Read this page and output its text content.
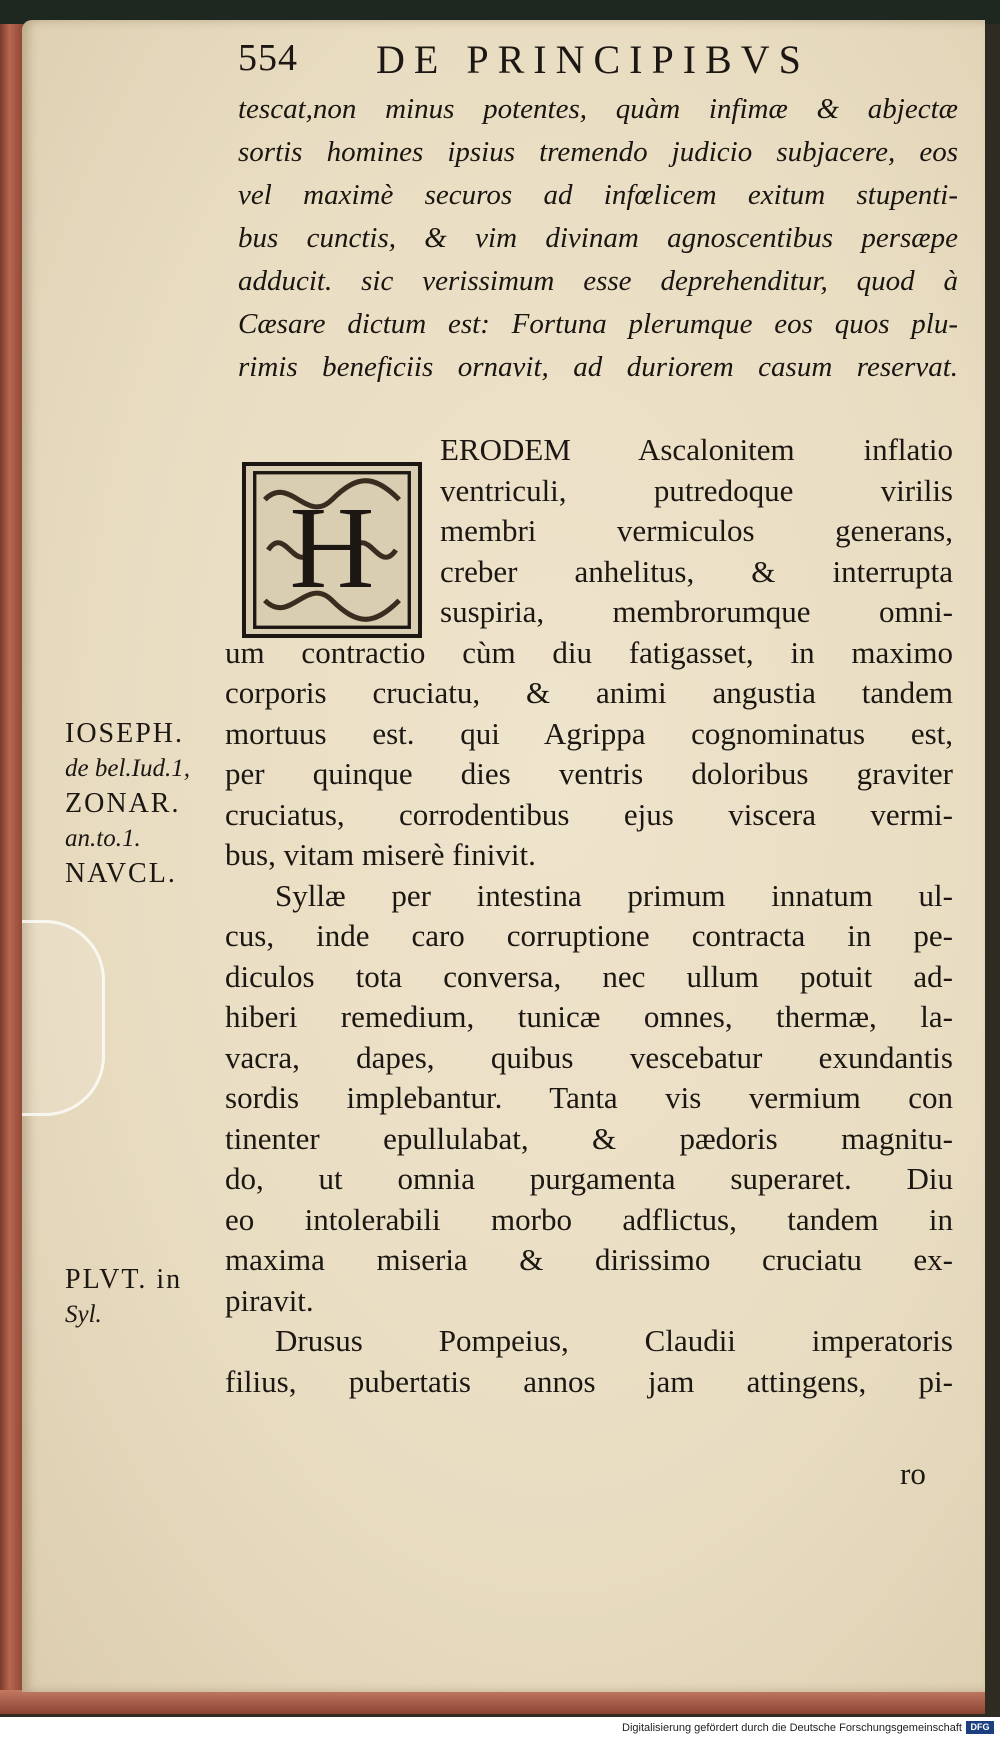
554 DE PRINCIPIBVS
tescat,non minus potentes, quàm infimæ & abjectæ
sortis homines ipsius tremendo judicio subjacere, eos
vel maximè securos ad infœlicem exitum stupenti-
bus cunctis, & vim divinam agnoscentibus persæpe
adducit. sic verissimum esse deprehenditur, quod à
Cæsare dictum est: Fortuna plerumque eos quos plu-
rimis beneficiis ornavit, ad duriorem casum reservat.
H
ERODEM Ascalonitem inflatio
ventriculi, putredoque virilis
membri vermiculos generans,
creber anhelitus, & interrupta
suspiria, membrorumque omni-
um contractio cùm diu fatigasset, in maximo
corporis cruciatu, & animi angustia tandem
mortuus est. qui Agrippa cognominatus est,
per quinque dies ventris doloribus graviter
cruciatus, corrodentibus ejus viscera vermi-
bus, vitam miserè finivit.
Syllæ per intestina primum innatum ul-
cus, inde caro corruptione contracta in pe-
diculos tota conversa, nec ullum potuit ad-
hiberi remedium, tunicæ omnes, thermæ, la-
vacra, dapes, quibus vescebatur exundantis
sordis implebantur. Tanta vis vermium con
tinenter epullulabat, & pædoris magnitu-
do, ut omnia purgamenta superaret. Diu
eo intolerabili morbo adflictus, tandem in
maxima miseria & dirissimo cruciatu ex-
piravit.
Drusus Pompeius, Claudii imperatoris
filius, pubertatis annos jam attingens, pi-
ro
IOSEPH.
de bel.Iud.1,
ZONAR.
an.to.1.
NAVCL.
PLVT. in
Syl.
Digitalisierung gefördert durch die Deutsche Forschungsgemeinschaft DFG
